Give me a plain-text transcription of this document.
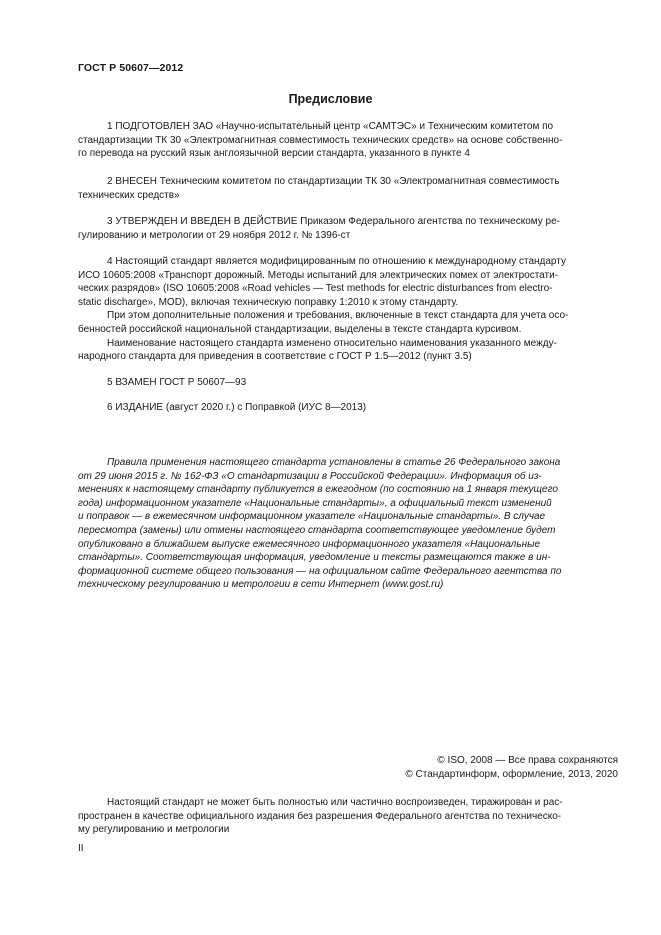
ГОСТ Р 50607—2012
Предисловие
1 ПОДГОТОВЛЕН ЗАО «Научно-испытательный центр «САМТЭС» и Техническим комитетом по
стандартизации ТК 30 «Электромагнитная совместимость технических средств» на основе собственно-
го перевода на русский язык англоязычной версии стандарта, указанного в пункте 4
2 ВНЕСЕН Техническим комитетом по стандартизации ТК 30 «Электромагнитная совместимость
технических средств»
3 УТВЕРЖДЕН И ВВЕДЕН В ДЕЙСТВИЕ Приказом Федерального агентства по техническому ре-
гулированию и метрологии от 29 ноября 2012 г. № 1396-ст
4 Настоящий стандарт является модифицированным по отношению к международному стандарту
ИСО 10605:2008 «Транспорт дорожный. Методы испытаний для электрических помех от электростати-
ческих разрядов» (ISO 10605:2008 «Road vehicles — Test methods for electric disturbances from electro-
static discharge», MOD), включая техническую поправку 1:2010 к этому стандарту.
При этом дополнительные положения и требования, включенные в текст стандарта для учета осо-
бенностей российской национальной стандартизации, выделены в тексте стандарта курсивом.
Наименование настоящего стандарта изменено относительно наименования указанного между-
народного стандарта для приведения в соответствие с ГОСТ Р 1.5—2012 (пункт 3.5)
5 ВЗАМЕН ГОСТ Р 50607—93
6 ИЗДАНИЕ (август 2020 г.) с Поправкой (ИУС 8—2013)
Правила применения настоящего стандарта установлены в статье 26 Федерального закона
от 29 июня 2015 г. № 162-ФЗ «О стандартизации в Российской Федерации». Информация об из-
менениях к настоящему стандарту публикуется в ежегодном (по состоянию на 1 января текущего
года) информационном указателе «Национальные стандарты», а официальный текст изменений
и поправок — в ежемесячном информационном указателе «Национальные стандарты». В случае
пересмотра (замены) или отмены настоящего стандарта соответствующее уведомление будет
опубликовано в ближайшем выпуске ежемесячного информационного указателя «Национальные
стандарты». Соответствующая информация, уведомление и тексты размещаются также в ин-
формационной системе общего пользования — на официальном сайте Федерального агентства по
техническому регулированию и метрологии в сети Интернет (www.gost.ru)
© ISO, 2008 — Все права сохраняются
© Стандартинформ, оформление, 2013, 2020
Настоящий стандарт не может быть полностью или частично воспроизведен, тиражирован и рас-
пространен в качестве официального издания без разрешения Федерального агентства по техническо-
му регулированию и метрологии
II
